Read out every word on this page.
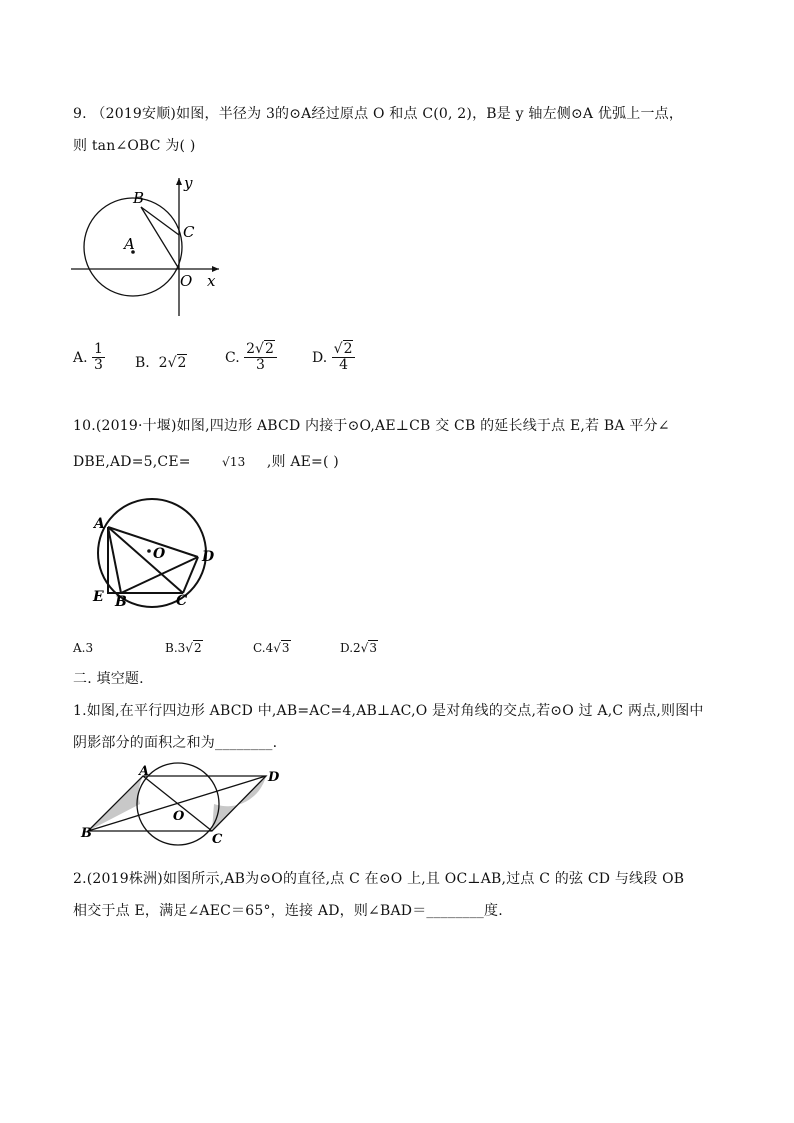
9. （2019安顺)如图，半径为 3的⊙A经过原点 O 和点 C(0, 2)，B是 y 轴左侧⊙A 优弧上一点，
则 tan∠OBC 为( )
B
y
A
C
O x
A. $\frac{1}{3} B$. 2√2	C. $\frac{2√2}{3}$	D. $\frac{√2}{4}$
10.(2019·十堰)如图,四边形 ABCD 内接于⊙O,AE⊥CB 交 CB 的延长线于点 E,若 BA 平分∠
DBE,AD=5,CE=	√13 ,则 AE=( )
A
O	D
E B	C
A.3	B.3√2	C.4√3	D.2√3
二. 填空题.
1.如图,在平行四边形 ABCD 中,AB=AC=4,AB⊥AC,O 是对角线的交点,若⊙O 过 A,C 两点,则图中
阴影部分的面积之和为________.
A	D
O
B	C
2.(2019株洲)如图所示,AB为⊙O的直径,点 C 在⊙O 上,且 OC⊥AB,过点 C 的弦 CD 与线段 OB
相交于点 E，满足∠AEC＝65°，连接 AD，则∠BAD＝________度.
